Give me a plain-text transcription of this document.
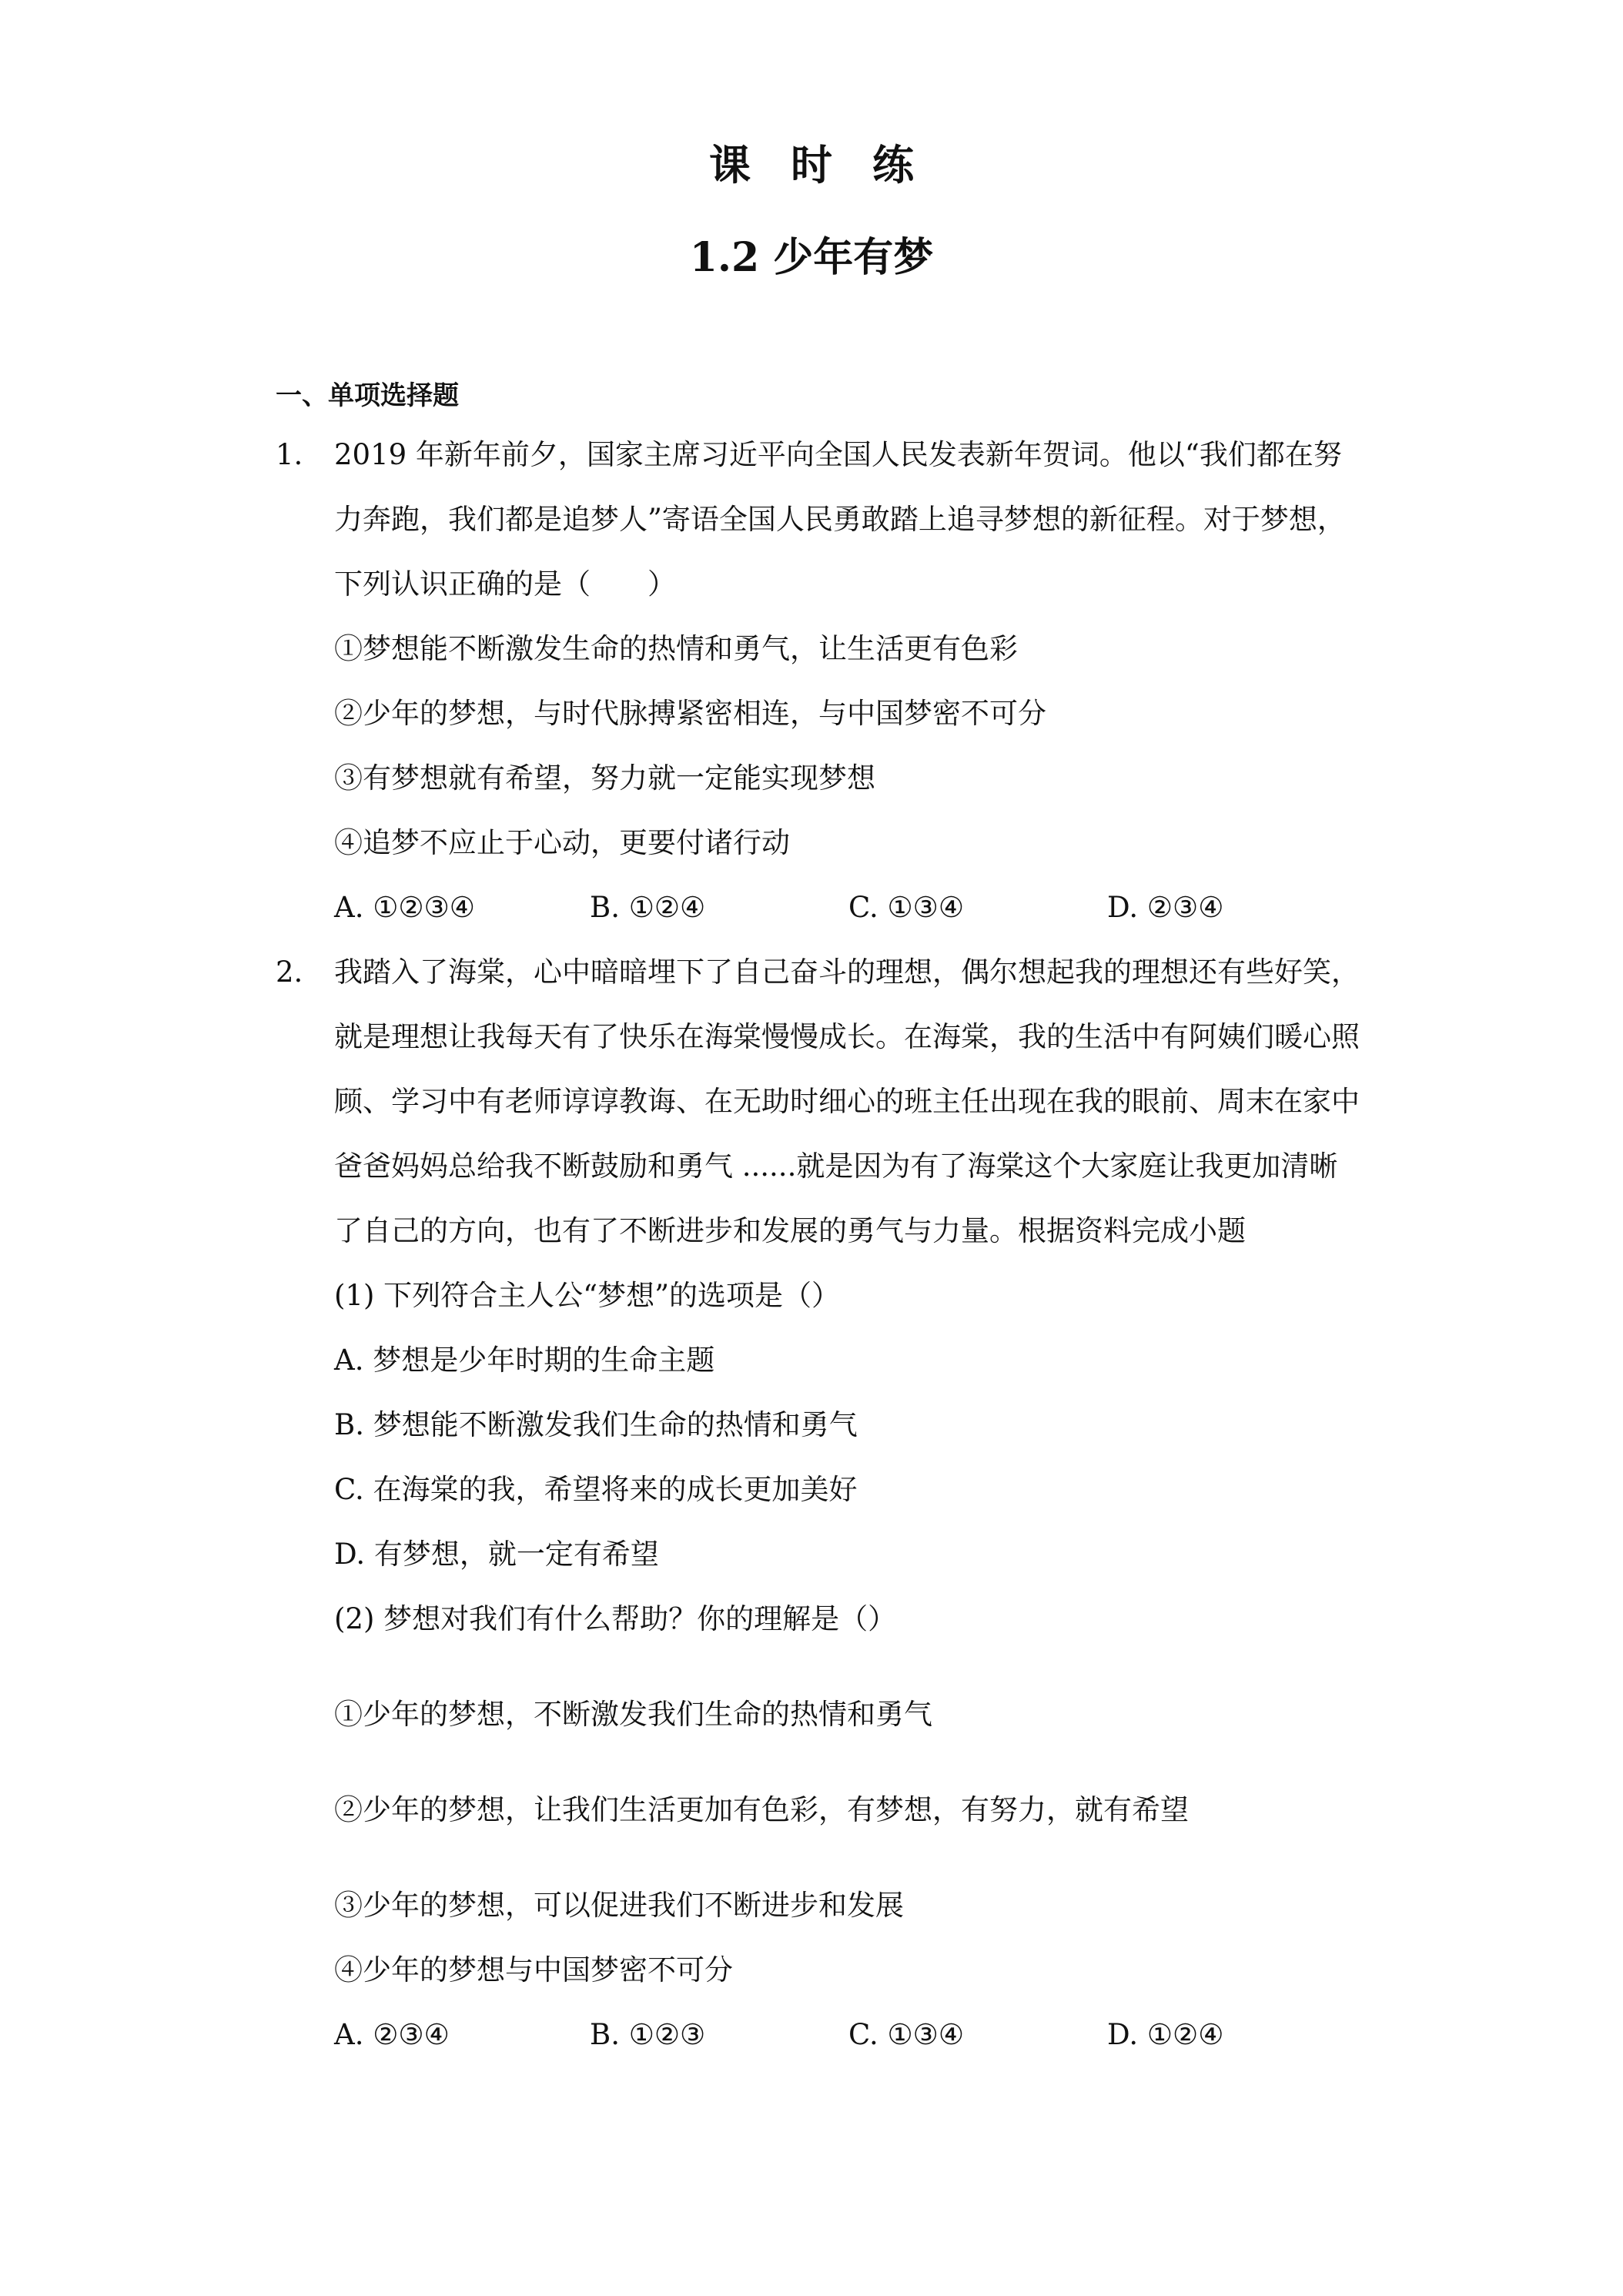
课 时 练
1.2 少年有梦
一、单项选择题
1. 2019 年新年前夕，国家主席习近平向全国人民发表新年贺词。他以“我们都在努
力奔跑，我们都是追梦人”寄语全国人民勇敢踏上追寻梦想的新征程。对于梦想，
下列认识正确的是（　　）
①梦想能不断激发生命的热情和勇气，让生活更有色彩
②少年的梦想，与时代脉搏紧密相连，与中国梦密不可分
③有梦想就有希望，努力就一定能实现梦想
④追梦不应止于心动，更要付诸行动
A. ①②③④	B. ①②④	C. ①③④	D. ②③④
2. 我踏入了海棠，心中暗暗埋下了自己奋斗的理想，偶尔想起我的理想还有些好笑，
就是理想让我每天有了快乐在海棠慢慢成长。在海棠，我的生活中有阿姨们暖心照
顾、学习中有老师谆谆教诲、在无助时细心的班主任出现在我的眼前、周末在家中
爸爸妈妈总给我不断鼓励和勇气 ......就是因为有了海棠这个大家庭让我更加清晰
了自己的方向，也有了不断进步和发展的勇气与力量。根据资料完成小题
(1) 下列符合主人公“梦想”的选项是（）
A. 梦想是少年时期的生命主题
B. 梦想能不断激发我们生命的热情和勇气
C. 在海棠的我，希望将来的成长更加美好
D. 有梦想，就一定有希望
(2) 梦想对我们有什么帮助？你的理解是（）
①少年的梦想，不断激发我们生命的热情和勇气
②少年的梦想，让我们生活更加有色彩，有梦想，有努力，就有希望
③少年的梦想，可以促进我们不断进步和发展
④少年的梦想与中国梦密不可分
A. ②③④	B. ①②③	C. ①③④	D. ①②④
